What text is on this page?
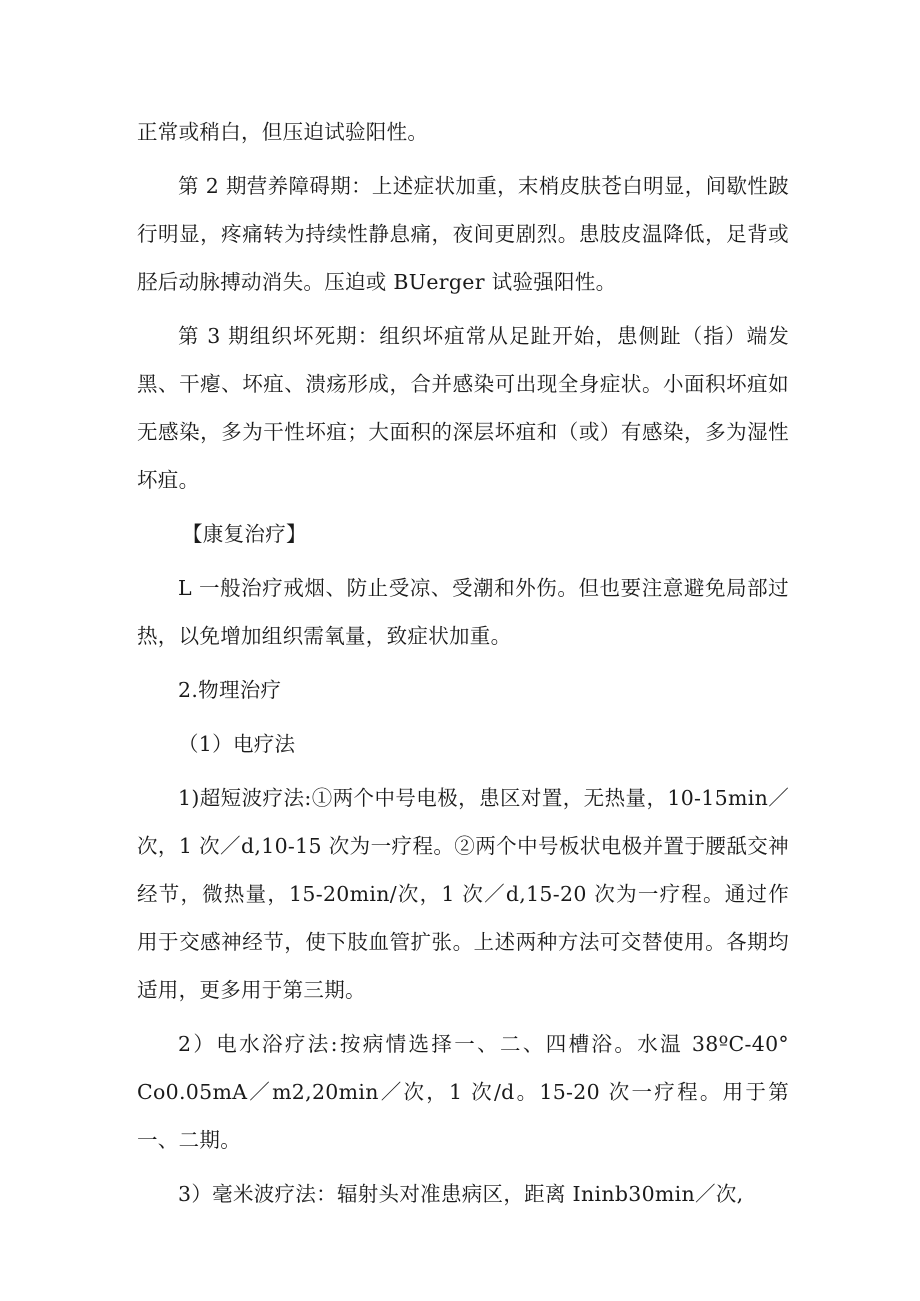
正常或稍白，但压迫试验阳性。

第 2 期营养障碍期：上述症状加重，末梢皮肤苍白明显，间歇性跛行明显，疼痛转为持续性静息痛，夜间更剧烈。患肢皮温降低，足背或胫后动脉搏动消失。压迫或 BUerger 试验强阳性。

第 3 期组织坏死期：组织坏疽常从足趾开始，患侧趾（指）端发黑、干瘪、坏疽、溃疡形成，合并感染可出现全身症状。小面积坏疽如无感染，多为干性坏疽；大面积的深层坏疽和（或）有感染，多为湿性坏疽。

【康复治疗】

L 一般治疗戒烟、防止受凉、受潮和外伤。但也要注意避免局部过热，以免增加组织需氧量，致症状加重。

2.物理治疗

（1）电疗法

1)超短波疗法:①两个中号电极，患区对置，无热量，10-15min／次，1 次／d,10-15 次为一疗程。②两个中号板状电极并置于腰舐交神经节，微热量，15-20min/次，1 次／d,15-20 次为一疗程。通过作用于交感神经节，使下肢血管扩张。上述两种方法可交替使用。各期均适用，更多用于第三期。

2）电水浴疗法:按病情选择一、二、四槽浴。水温 38ºC-40° Co0.05mA／m2,20min／次，1 次/d。15-20 次一疗程。用于第一、二期。

3）毫米波疗法：辐射头对准患病区，距离 Ininb30min／次,
